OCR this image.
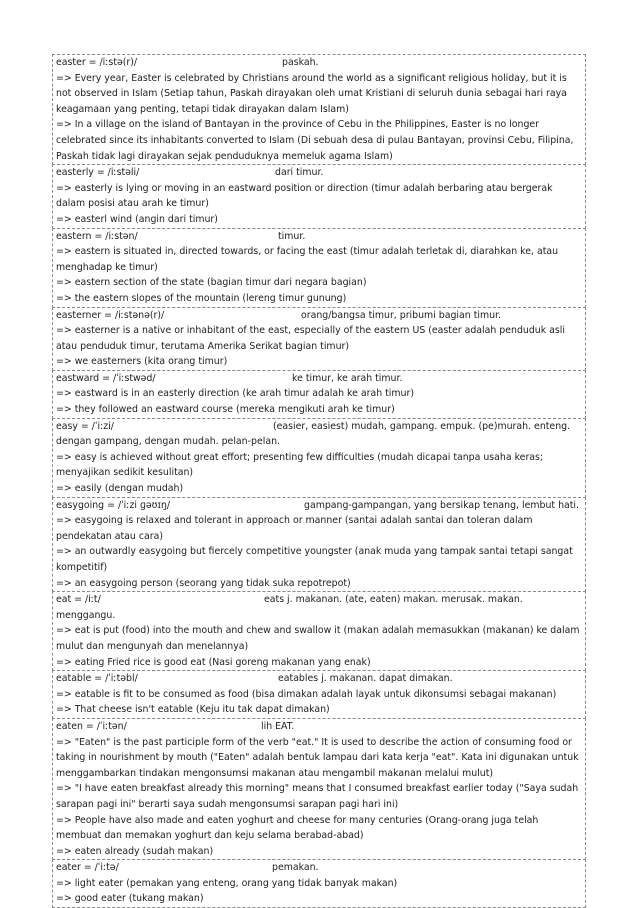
easter = /iːstə(r)/	paskah.
=> Every year, Easter is celebrated by Christians around the world as a significant religious holiday, but it is not observed in Islam (Setiap tahun, Paskah dirayakan oleh umat Kristiani di seluruh dunia sebagai hari raya keagamaan yang penting, tetapi tidak dirayakan dalam Islam)
=> In a village on the island of Bantayan in the province of Cebu in the Philippines, Easter is no longer celebrated since its inhabitants converted to Islam (Di sebuah desa di pulau Bantayan, provinsi Cebu, Filipina, Paskah tidak lagi dirayakan sejak penduduknya memeluk agama Islam)
easterly = /iːstəli/	dari timur.
=> easterly is lying or moving in an eastward position or direction (timur adalah berbaring atau bergerak dalam posisi atau arah ke timur)
=> easterl wind (angin dari timur)
eastern = /iːstən/	timur.
=> eastern is situated in, directed towards, or facing the east (timur adalah terletak di, diarahkan ke, atau menghadap ke timur)
=> eastern section of the state (bagian timur dari negara bagian)
=> the eastern slopes of the mountain (lereng timur gunung)
easterner = /iːstənə(r)/	orang/bangsa timur, pribumi bagian timur.
=> easterner is a native or inhabitant of the east, especially of the eastern US (easter adalah penduduk asli atau penduduk timur, terutama Amerika Serikat bagian timur)
=> we easterners (kita orang timur)
eastward = /ˈiːstwəd/	ke timur, ke arah timur.
=> eastward is in an easterly direction (ke arah timur adalah ke arah timur)
=> they followed an eastward course (mereka mengikuti arah ke timur)
easy = /ˈiːzi/	(easier, easiest) mudah, gampang. empuk. (pe)murah. enteng.
dengan gampang, dengan mudah. pelan-pelan.
=> easy is achieved without great effort; presenting few difficulties (mudah dicapai tanpa usaha keras; menyajikan sedikit kesulitan)
=> easily (dengan mudah)
easygoing = /ˈiːzi ɡəʊɪŋ/	gampang-gampangan, yang bersikap tenang, lembut hati.
=> easygoing is relaxed and tolerant in approach or manner (santai adalah santai dan toleran dalam pendekatan atau cara)
=> an outwardly easygoing but fiercely competitive youngster (anak muda yang tampak santai tetapi sangat kompetitif)
=> an easygoing person (seorang yang tidak suka repotrepot)
eat = /iːt/	eats j. makanan. (ate, eaten) makan. merusak. makan.
menggangu.
=> eat is put (food) into the mouth and chew and swallow it (makan adalah memasukkan (makanan) ke dalam mulut dan mengunyah dan menelannya)
=> eating Fried rice is good eat (Nasi goreng makanan yang enak)
eatable = /ˈiːtəbl/	eatables j. makanan. dapat dimakan.
=> eatable is fit to be consumed as food (bisa dimakan adalah layak untuk dikonsumsi sebagai makanan)
=> That cheese isn't eatable (Keju itu tak dapat dimakan)
eaten = /ˈiːtən/	lih EAT.
=> "Eaten" is the past participle form of the verb "eat." It is used to describe the action of consuming food or taking in nourishment by mouth ("Eaten" adalah bentuk lampau dari kata kerja "eat". Kata ini digunakan untuk menggambarkan tindakan mengonsumsi makanan atau mengambil makanan melalui mulut)
=> "I have eaten breakfast already this morning" means that I consumed breakfast earlier today ("Saya sudah sarapan pagi ini" berarti saya sudah mengonsumsi sarapan pagi hari ini)
=> People have also made and eaten yoghurt and cheese for many centuries (Orang-orang juga telah membuat dan memakan yoghurt dan keju selama berabad-abad)
=> eaten already (sudah makan)
eater = /ˈiːtə/	pemakan.
=> light eater (pemakan yang enteng, orang yang tidak banyak makan)
=> good eater (tukang makan)
